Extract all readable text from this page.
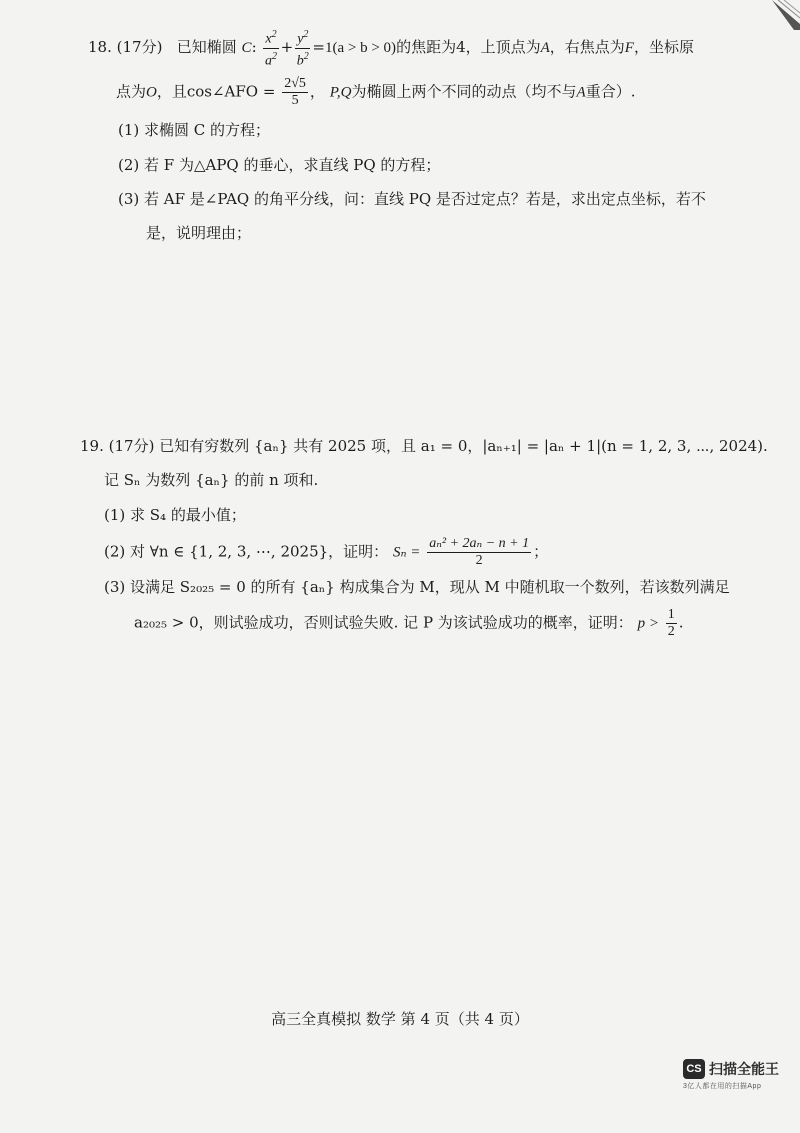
18. (17分) 已知椭圆 C: $\frac{x^2}{a^2} + \frac{y^2}{b^2} =1(a > b > 0)$的焦距为4，上顶点为A，右焦点为F，坐标原
点为O，且cos∠AFO = $\frac{2√5}{5}$ ， P,Q为椭圆上两个不同的动点（均不与A重合）.
(1) 求椭圆 C 的方程；
(2) 若 F 为△APQ 的垂心，求直线 PQ 的方程；
(3) 若 AF 是∠PAQ 的角平分线，问：直线 PQ 是否过定点？若是，求出定点坐标，若不
是，说明理由；
19. (17分) 已知有穷数列 {aₙ} 共有 2025 项，且 a₁ = 0，|aₙ₊₁| = |aₙ + 1|(n = 1, 2, 3, ⋯, 2024).
记 Sₙ 为数列 {aₙ} 的前 n 项和.
(1) 求 S₄ 的最小值；
(2) 对 ∀n ∈ {1, 2, 3, ⋯, 2025}，证明： $S_n = \frac{\text{aₙ² + 2aₙ − n + 1}}{2}$ ；
(3) 设满足 S₂₀₂₅ = 0 的所有 {aₙ} 构成集合为 M，现从 M 中随机取一个数列，若该数列满足
a₂₀₂₅ > 0，则试验成功，否则试验失败. 记 P 为该试验成功的概率，证明： $p > \frac{1}{2}$ .
高三全真模拟 数学 第 4 页（共 4 页）
CS 扫描全能王
3亿人都在用的扫描App
